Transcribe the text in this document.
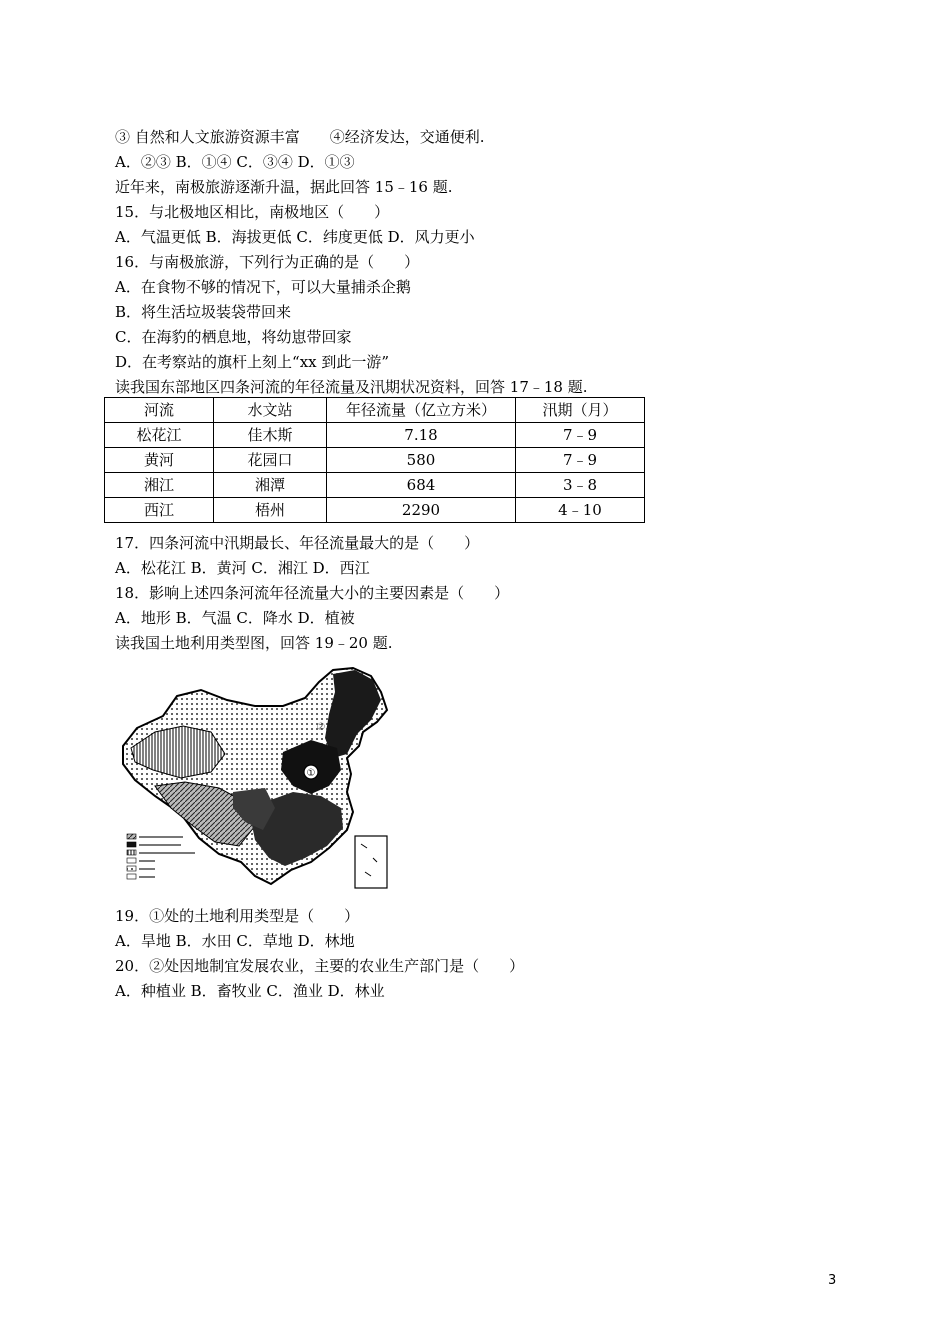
③ 自然和人文旅游资源丰富　　④经济发达，交通便利.
A．②③ B．①④ C．③④ D．①③
近年来，南极旅游逐渐升温，据此回答 15﹣16 题.
15．与北极地区相比，南极地区（　　）
A．气温更低 B．海拔更低 C．纬度更低 D．风力更小
16．与南极旅游，下列行为正确的是（　　）
A．在食物不够的情况下，可以大量捕杀企鹅
B．将生活垃圾装袋带回来
C．在海豹的栖息地，将幼崽带回家
D．在考察站的旗杆上刻上“xx 到此一游”
读我国东部地区四条河流的年径流量及汛期状况资料，回答 17﹣18 题.
河流	水文站	年径流量（亿立方米）	汛期（月）
松花江	佳木斯	7.18	7﹣9
黄河	花园口	580	7﹣9
湘江	湘潭	684	3﹣8
西江	梧州	2290	4﹣10
17．四条河流中汛期最长、年径流量最大的是（　　）
A．松花江 B．黄河 C．湘江 D．西江
18．影响上述四条河流年径流量大小的主要因素是（　　）
A．地形 B．气温 C．降水 D．植被
读我国土地利用类型图，回答 19﹣20 题.
①
②
19．①处的土地利用类型是（　　）
A．旱地 B．水田 C．草地 D．林地
20．②处因地制宜发展农业，主要的农业生产部门是（　　）
A．种植业 B．畜牧业 C．渔业 D．林业
3
